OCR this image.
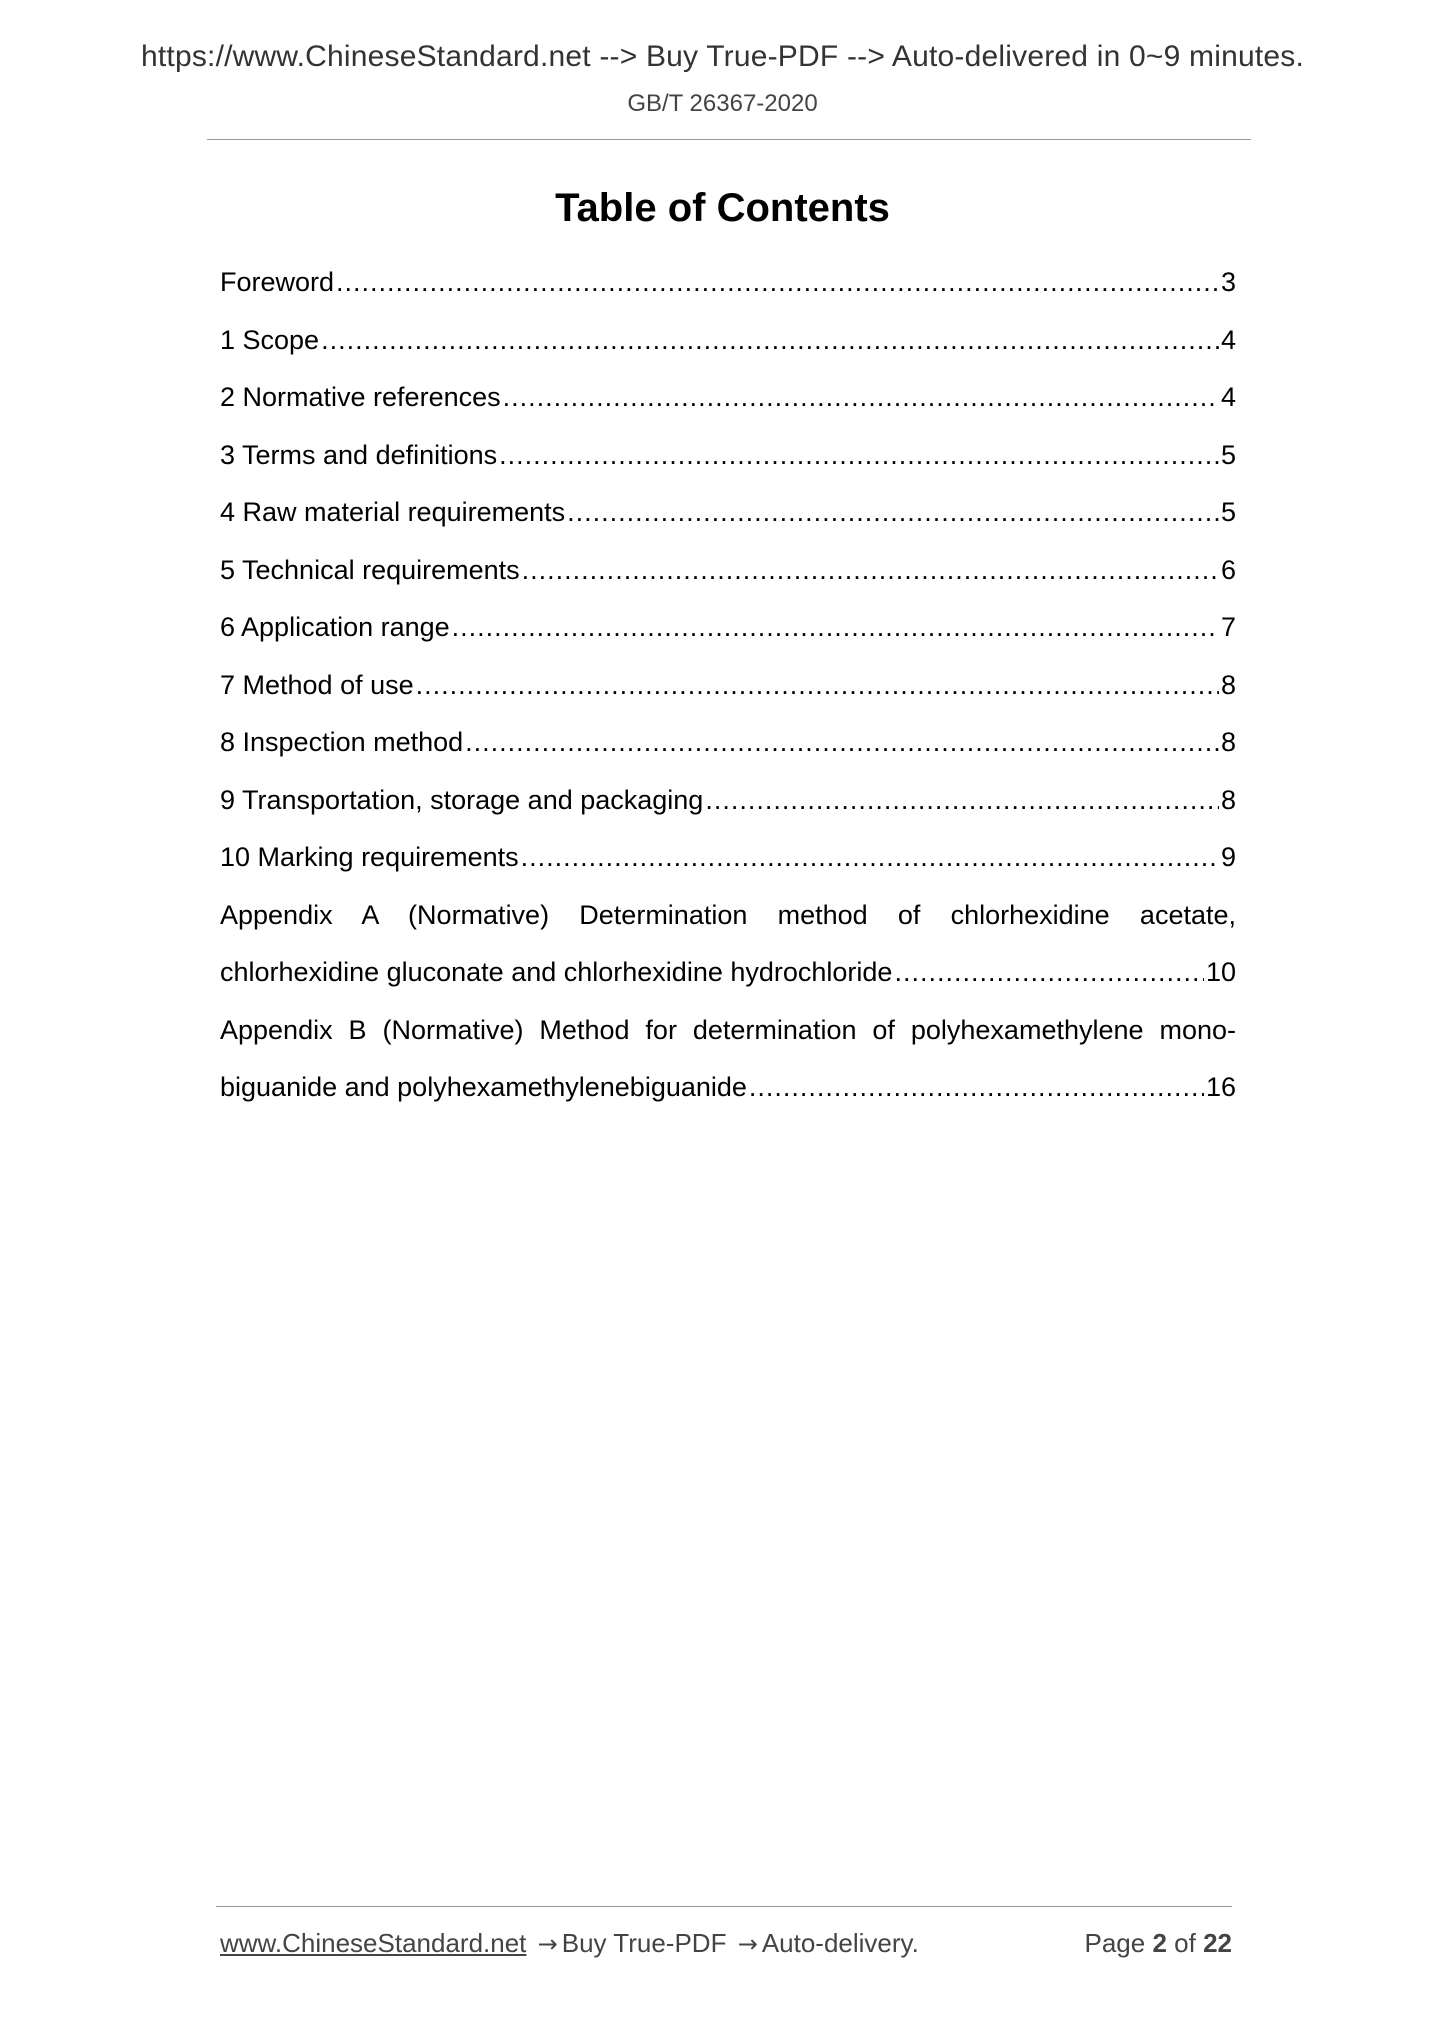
https://www.ChineseStandard.net --> Buy True-PDF --> Auto-delivered in 0~9 minutes.
GB/T 26367-2020
Table of Contents
Foreword .....	3
1 Scope .....	4
2 Normative references .....	4
3 Terms and definitions .....	5
4 Raw material requirements .....	5
5 Technical requirements .....	6
6 Application range .....	7
7 Method of use .....	8
8 Inspection method .....	8
9 Transportation, storage and packaging .....	8
10 Marking requirements .....	9
Appendix A (Normative) Determination method of chlorhexidine acetate,
chlorhexidine gluconate and chlorhexidine hydrochloride .....	10
Appendix B (Normative) Method for determination of polyhexamethylene mono-
biguanide and polyhexamethylenebiguanide .....	16
www.ChineseStandard.net → Buy True-PDF → Auto-delivery.	Page 2 of 22
